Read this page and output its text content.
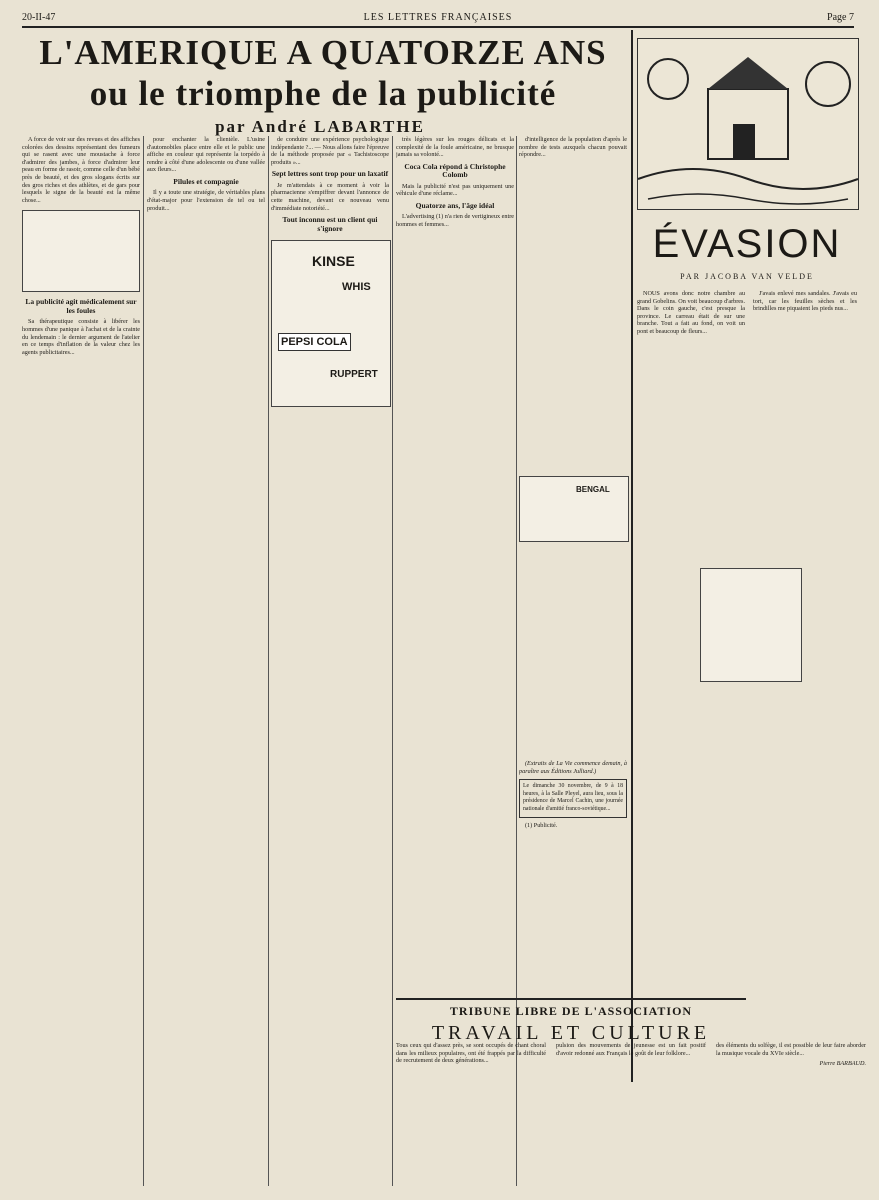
20-II-47	LES LETTRES FRANÇAISES	Page 7
L'AMERIQUE A QUATORZE ANS
ou le triomphe de la publicité
par André LABARTHE

A force de voir sur des revues et des affiches colorées des dessins représentant des fumeurs qui se rasent avec une moustache à force d'admirer des jambes, à force d'admirer leur peau en forme de rasoir, comme celle d'un bébé près de beauté, et des gros slogans écrits sur des gros riches et des athlètes, et de gars pour lesquels le signe de la beauté est la même chose...

La publicité agit médicalement sur les foules

Sa thérapeutique consiste à libérer les hommes d'une panique à l'achat et de la crainte du lendemain : le dernier argument de l'atelier en ce temps d'inflation de la valeur chez les agents publicitaires...

pour enchanter la clientèle. L'usine d'automobiles place entre elle et le public une affiche en couleur qui représente la torpédo à rendre à côté d'une adolescente ou d'une vallée aux fleurs...

Pilules et compagnie

Il y a toute une stratégie, de véritables plans d'état-major pour l'extension de tel ou tel produit...

de conduire une expérience psychologique indépendante ?... — Nous allons faire l'épreuve de la méthode proposée par « Tachistoscope produits »...

Sept lettres sont trop pour un laxatif

Je m'attendais à ce moment à voir la pharmacienne s'empiffrer devant l'annonce de cette machine, devant ce nouveau venu d'immédiate notoriété...

Tout inconnu est un client qui s'ignore
KINSE
WHIS
PEPSI COLA
RUPPERT

très légères sur les rouges délicats et la complexité de la foule américaine, ne brusque jamais sa volonté...

Coca Cola répond à Christophe Colomb

Mais la publicité n'est pas uniquement une véhicule d'une réclame...

Quatorze ans, l'âge idéal

L'advertising (1) n'a rien de vertigineux entre hommes et femmes...

BENGAL

d'intelligence de la population d'après le nombre de tests auxquels chacun pouvait répondre...

(Extraits de La Vie commence demain, à paraître aux Éditions Julliard.)

Le dimanche 30 novembre, de 9 à 18 heures, à la Salle Pleyel, aura lieu, sous la présidence de Marcel Cachin, une journée nationale d'amitié franco-soviétique...

(1) Publicité.

TRIBUNE LIBRE DE L'ASSOCIATION
TRAVAIL ET CULTURE
Tous ceux qui d'assez près, se sont occupés de chant choral dans les milieux populaires, ont été frappés par la difficulté de recrutement de deux générations...
pulsion des mouvements de jeunesse est un fait positif d'avoir redonné aux Français le goût de leur folklore...

des éléments du solfège, il est possible de leur faire aborder la musique vocale du XVIe siècle...

Pierre BARBAUD.
ÉVASION
PAR JACOBA VAN VELDE

NOUS avons donc notre chambre au grand Gobelins. On voit beaucoup d'arbres. Dans le coin gauche, c'est presque la province. Le carreau était de sur une branche. Tout a fait au fond, on voit un pont et beaucoup de fleurs...

J'avais enlevé mes sandales. J'avais eu tort, car les feuilles sèches et les brindilles me piquaient les pieds nus...
